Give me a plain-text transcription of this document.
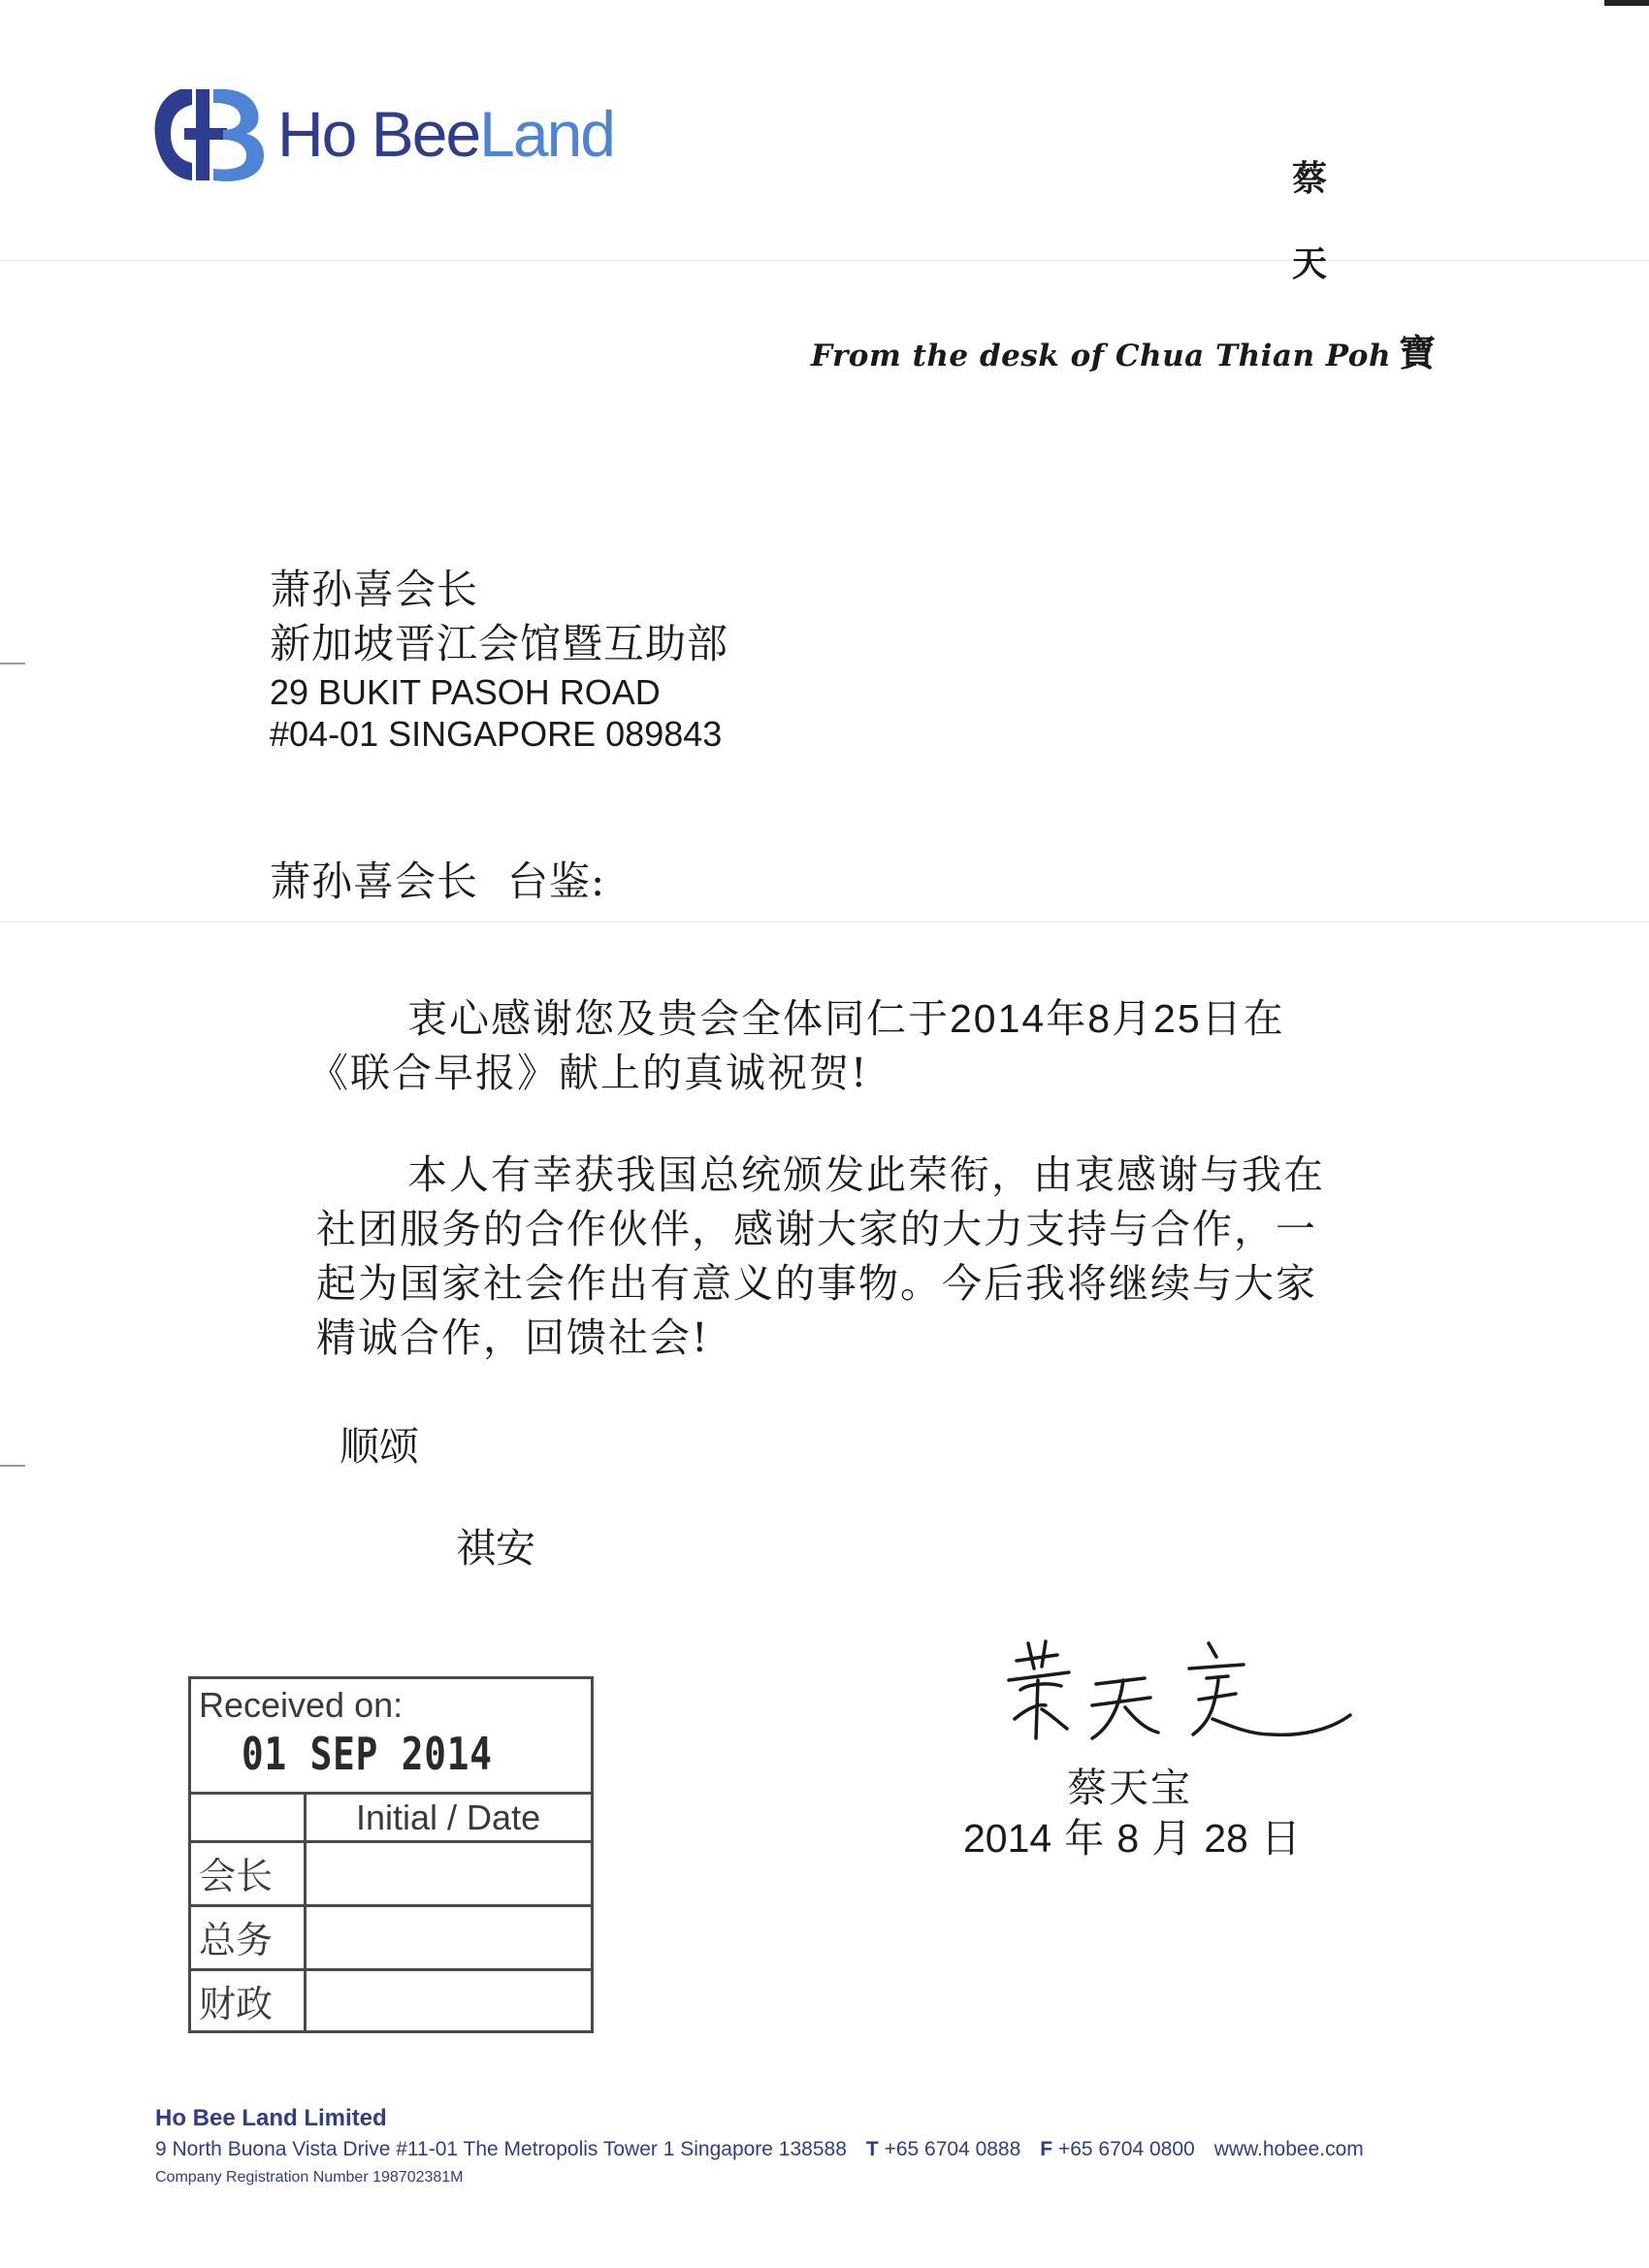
Ho BeeLand
蔡
天
From the desk of Chua Thian Poh 寶
萧孙喜会长
新加坡晋江会馆暨互助部
29 BUKIT PASOH ROAD
#04-01 SINGAPORE 089843
萧孙喜会长 台鉴:
衷心感谢您及贵会全体同仁于2014年8月25日在
《联合早报》献上的真诚祝贺!
本人有幸获我国总统颁发此荣衔，由衷感谢与我在
社团服务的合作伙伴，感谢大家的大力支持与合作，一
起为国家社会作出有意义的事物。今后我将继续与大家
精诚合作，回馈社会!
顺颂
祺安
蔡天宝
2014 年 8 月 28 日
Received on:
01 SEP 2014
Initial / Date
会长
总务
财政
Ho Bee Land Limited
9 North Buona Vista Drive #11-01 The Metropolis Tower 1 Singapore 138588 T +65 6704 0888 F +65 6704 0800 www.hobee.com
Company Registration Number 198702381M
